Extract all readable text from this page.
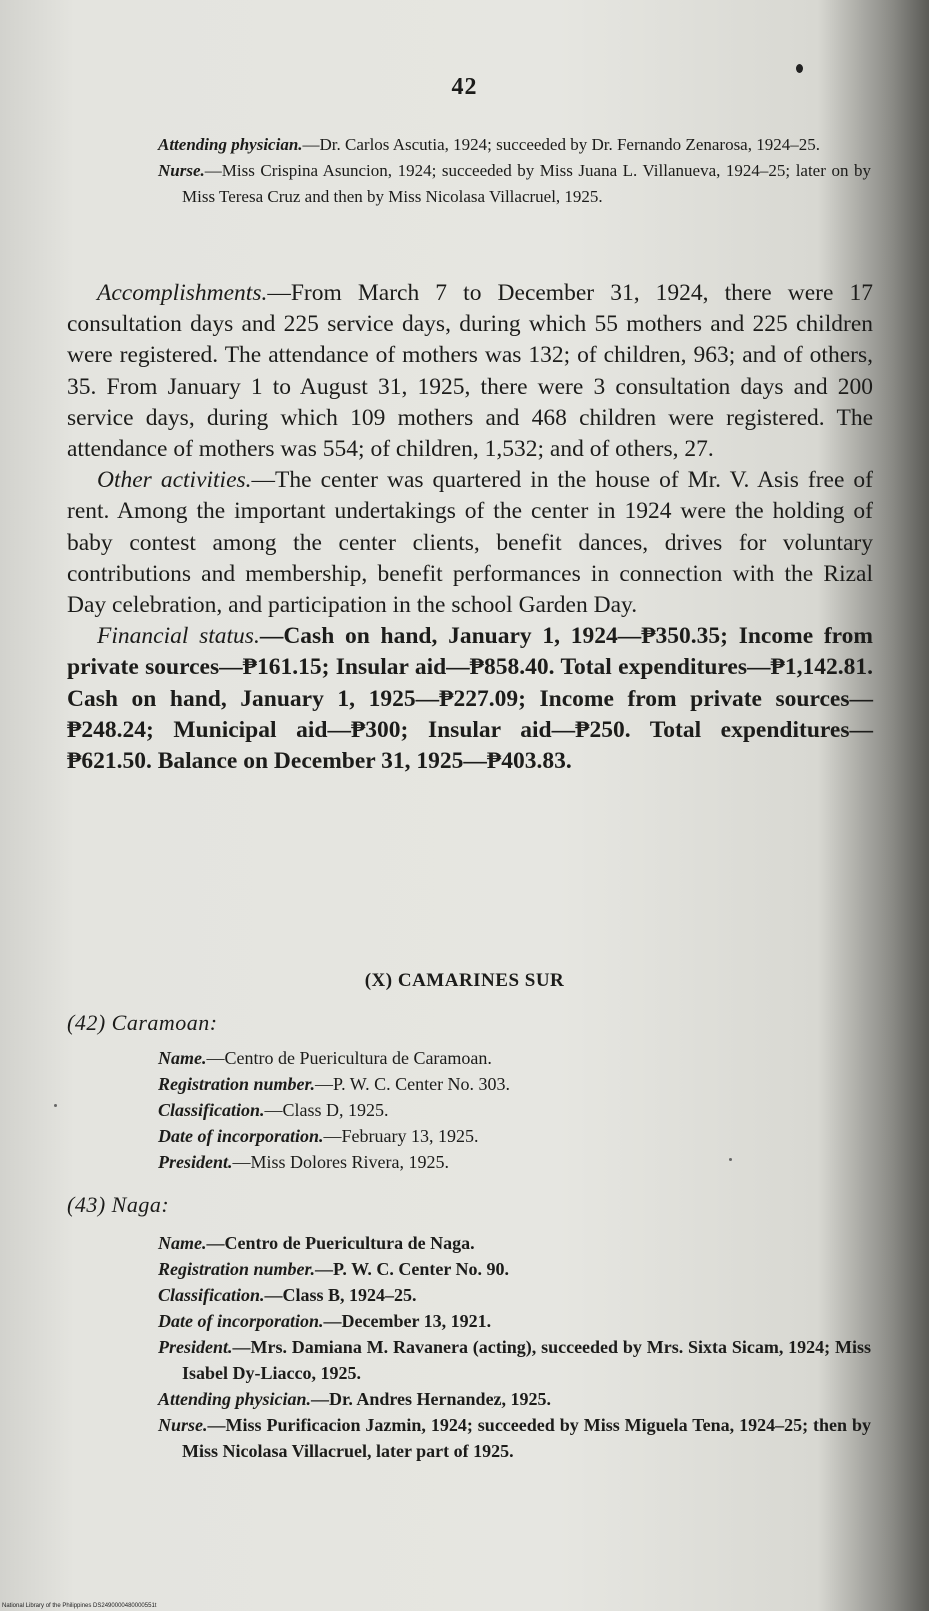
42

Attending physician.—Dr. Carlos Ascutia, 1924; succeeded by Dr. Fernando Zenarosa, 1924–25.

Nurse.—Miss Crispina Asuncion, 1924; succeeded by Miss Juana L. Villanueva, 1924–25; later on by Miss Teresa Cruz and then by Miss Nicolasa Villacruel, 1925.

Accomplishments.—From March 7 to December 31, 1924, there were 17 consultation days and 225 service days, during which 55 mothers and 225 children were registered. The attendance of mothers was 132; of children, 963; and of others, 35. From January 1 to August 31, 1925, there were 3 consultation days and 200 service days, during which 109 mothers and 468 children were registered. The attendance of mothers was 554; of children, 1,532; and of others, 27.

Other activities.—The center was quartered in the house of Mr. V. Asis free of rent. Among the important undertakings of the center in 1924 were the holding of baby contest among the center clients, benefit dances, drives for voluntary contributions and membership, benefit performances in connection with the Rizal Day celebration, and participation in the school Garden Day.

Financial status.—Cash on hand, January 1, 1924—₱350.35; Income from private sources—₱161.15; Insular aid—₱858.40. Total expenditures—₱1,142.81. Cash on hand, January 1, 1925—₱227.09; Income from private sources—₱248.24; Municipal aid—₱300; Insular aid—₱250. Total expenditures—₱621.50. Balance on December 31, 1925—₱403.83.

(X) CAMARINES SUR
(42) Caramoan:

Name.—Centro de Puericultura de Caramoan.

Registration number.—P. W. C. Center No. 303.

Classification.—Class D, 1925.

Date of incorporation.—February 13, 1925.

President.—Miss Dolores Rivera, 1925.

(43) Naga:

Name.—Centro de Puericultura de Naga.

Registration number.—P. W. C. Center No. 90.

Classification.—Class B, 1924–25.

Date of incorporation.—December 13, 1921.

President.—Mrs. Damiana M. Ravanera (acting), succeeded by Mrs. Sixta Sicam, 1924; Miss Isabel Dy-Liacco, 1925.

Attending physician.—Dr. Andres Hernandez, 1925.

Nurse.—Miss Purificacion Jazmin, 1924; succeeded by Miss Miguela Tena, 1924–25; then by Miss Nicolasa Villacruel, later part of 1925.

National Library of the Philippines DS2490000480000551t
